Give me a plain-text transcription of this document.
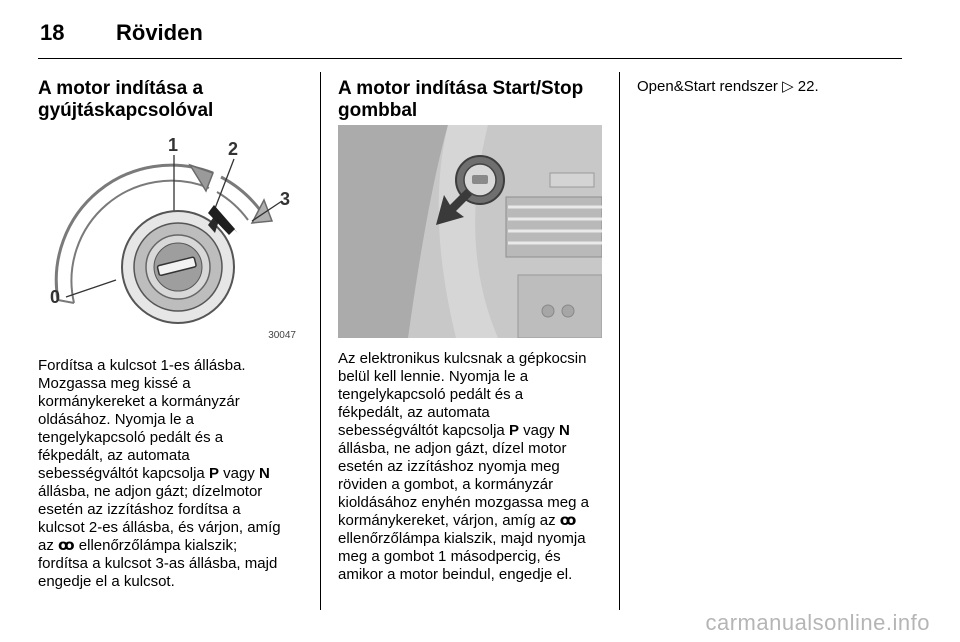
18 Röviden
A motor indítása a gyújtáskapcsolóval
1	2
3
0
30047

Fordítsa a kulcsot 1-es állásba.
Mozgassa meg kissé a
kormánykereket a kormányzár
oldásához. Nyomja le a
tengelykapcsoló pedált és a
fékpedált, az automata
sebességváltót kapcsolja P vagy N
állásba, ne adjon gázt; dízelmotor
esetén az izzításhoz fordítsa a
kulcsot 2-es állásba, és várjon, amíg
az ꝏ ellenőrzőlámpa kialszik;
fordítsa a kulcsot 3-as állásba, majd
engedje el a kulcsot.

A motor indítása Start/Stop gombbal

Az elektronikus kulcsnak a gépkocsin
belül kell lennie. Nyomja le a
tengelykapcsoló pedált és a
fékpedált, az automata
sebességváltót kapcsolja P vagy N
állásba, ne adjon gázt, dízel motor
esetén az izzításhoz nyomja meg
röviden a gombot, a kormányzár
kioldásához enyhén mozgassa meg a
kormánykereket, várjon, amíg az ꝏ
ellenőrzőlámpa kialszik, majd nyomja
meg a gombot 1 másodpercig, és
amikor a motor beindul, engedje el.

Open&Start rendszer ▷ 22.

carmanualsonline.info
